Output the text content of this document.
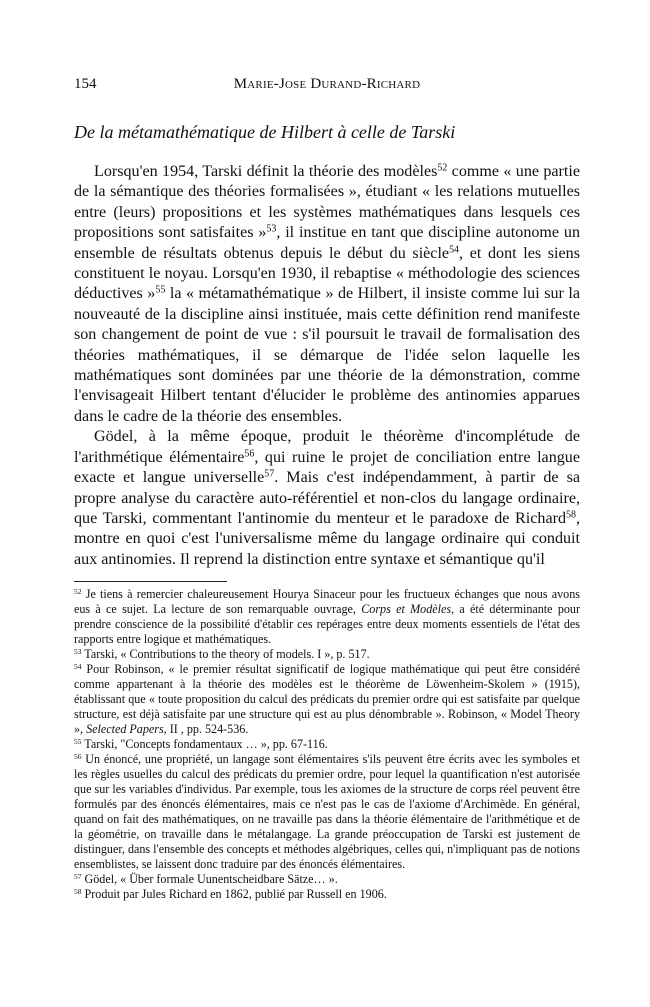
154	Marie-Jose Durand-Richard
De la métamathématique de Hilbert à celle de Tarski

Lorsqu'en 1954, Tarski définit la théorie des modèles$^{52}$ comme « une partie de la sémantique des théories formalisées », étudiant « les relations mutuelles entre (leurs) propositions et les systèmes mathématiques dans lesquels ces propositions sont satisfaites »$^{53}$, il institue en tant que discipline autonome un ensemble de résultats obtenus depuis le début du siècle$^{54}$, et dont les siens constituent le noyau. Lorsqu'en 1930, il rebaptise « méthodologie des sciences déductives »$^{55}$ la « métamathématique » de Hilbert, il insiste comme lui sur la nouveauté de la discipline ainsi instituée, mais cette définition rend manifeste son changement de point de vue : s'il poursuit le travail de formalisation des théories mathématiques, il se démarque de l'idée selon laquelle les mathématiques sont dominées par une théorie de la démonstration, comme l'envisageait Hilbert tentant d'élucider le problème des antinomies apparues dans le cadre de la théorie des ensembles.

Gödel, à la même époque, produit le théorème d'incomplétude de l'arithmétique élémentaire$^{56}$, qui ruine le projet de conciliation entre langue exacte et langue universelle$^{57}$. Mais c'est indépendamment, à partir de sa propre analyse du caractère auto-référentiel et non-clos du langage ordinaire, que Tarski, commentant l'antinomie du menteur et le paradoxe de Richard$^{58}$, montre en quoi c'est l'universalisme même du langage ordinaire qui conduit aux antinomies. Il reprend la distinction entre syntaxe et sémantique qu'il

$^{52}$ Je tiens à remercier chaleureusement Hourya Sinaceur pour les fructueux échanges que nous avons eus à ce sujet. La lecture de son remarquable ouvrage, Corps et Modèles, a été déterminante pour prendre conscience de la possibilité d'établir ces repérages entre deux moments essentiels de l'état des rapports entre logique et mathématiques.

$^{53}$ Tarski, « Contributions to the theory of models. I », p. 517.

$^{54}$ Pour Robinson, « le premier résultat significatif de logique mathématique qui peut être considéré comme appartenant à la théorie des modèles est le théorème de Löwenheim-Skolem » (1915), établissant que « toute proposition du calcul des prédicats du premier ordre qui est satisfaite par quelque structure, est déjà satisfaite par une structure qui est au plus dénombrable ». Robinson, « Model Theory », Selected Papers, II , pp. 524-536.

$^{55}$ Tarski, "Concepts fondamentaux … », pp. 67-116.

$^{56}$ Un énoncé, une propriété, un langage sont élémentaires s'ils peuvent être écrits avec les symboles et les règles usuelles du calcul des prédicats du premier ordre, pour lequel la quantification n'est autorisée que sur les variables d'individus. Par exemple, tous les axiomes de la structure de corps réel peuvent être formulés par des énoncés élémentaires, mais ce n'est pas le cas de l'axiome d'Archimède. En général, quand on fait des mathématiques, on ne travaille pas dans la théorie élémentaire de l'arithmétique et de la géométrie, on travaille dans le métalangage. La grande préoccupation de Tarski est justement de distinguer, dans l'ensemble des concepts et méthodes algébriques, celles qui, n'impliquant pas de notions ensemblistes, se laissent donc traduire par des énoncés élémentaires.

$^{57}$ Gödel, « Über formale Uunentscheidbare Sätze… ».

$^{58}$ Produit par Jules Richard en 1862, publié par Russell en 1906.
